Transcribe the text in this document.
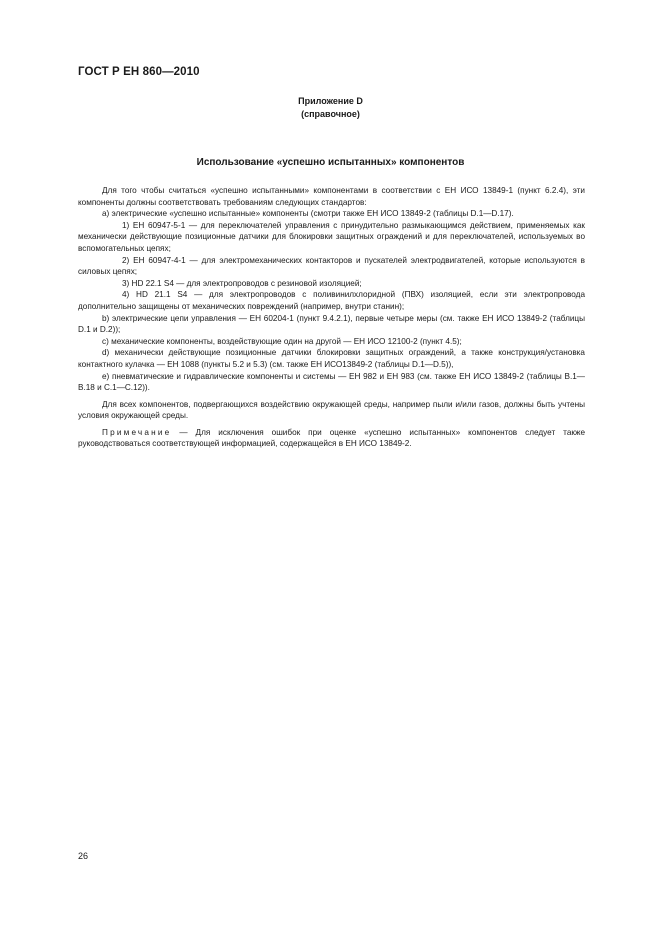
ГОСТ Р ЕН 860—2010
Приложение D
(справочное)
Использование «успешно испытанных» компонентов

Для того чтобы считаться «успешно испытанными» компонентами в соответствии с ЕН ИСО 13849-1 (пункт 6.2.4), эти компоненты должны соответствовать требованиям следующих стандартов:

а) электрические «успешно испытанные» компоненты (смотри также ЕН ИСО 13849-2 (таблицы D.1—D.17).

1) ЕН 60947-5-1 — для переключателей управления с принудительно размыкающимся действием, применяемых как механически действующие позиционные датчики для блокировки защитных ограждений и для переключателей, используемых во вспомогательных цепях;

2) ЕН 60947-4-1 — для электромеханических контакторов и пускателей электродвигателей, которые используются в силовых цепях;

3) HD 22.1 S4 — для электропроводов с резиновой изоляцией;

4) HD 21.1 S4 — для электропроводов с поливинилхлоридной (ПВХ) изоляцией, если эти электропровода дополнительно защищены от механических повреждений (например, внутри станин);

b) электрические цепи управления — ЕН 60204-1 (пункт 9.4.2.1), первые четыре меры (см. также ЕН ИСО 13849-2 (таблицы D.1 и D.2));

с) механические компоненты, воздействующие один на другой — ЕН ИСО 12100-2 (пункт 4.5);

d) механически действующие позиционные датчики блокировки защитных ограждений, а также конструкция/установка контактного кулачка — ЕН 1088 (пункты 5.2 и 5.3) (см. также ЕН ИСО13849-2 (таблицы D.1—D.5)),

е) пневматические и гидравлические компоненты и системы — ЕН 982 и ЕН 983 (см. также ЕН ИСО 13849-2 (таблицы В.1—В.18 и С.1—С.12)).

Для всех компонентов, подвергающихся воздействию окружающей среды, например пыли и/или газов, должны быть учтены условия окружающей среды.

Примечание — Для исключения ошибок при оценке «успешно испытанных» компонентов следует также руководствоваться соответствующей информацией, содержащейся в ЕН ИСО 13849-2.

26
